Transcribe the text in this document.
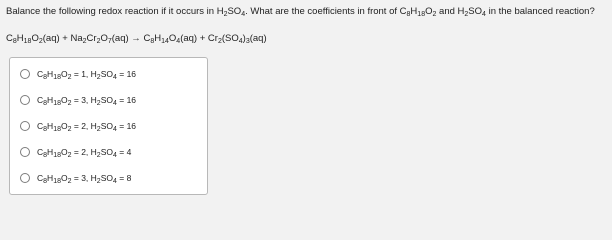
Balance the following redox reaction if it occurs in $H_2SO_4$. What are the coefficients in front of $C_8H_{18}O_2$ and $H_2SO_4$ in the balanced reaction?
$C_8H_{18}O_2(aq) + Na_2Cr_2O_7(aq) \to C_8H_{14}O_4(aq) + Cr_2(SO_4)_3(aq)$
$C_8H_{18}O_2 = 1$, $H_2SO_4 = 16$
$C_8H_{18}O_2 = 3$, $H_2SO_4 = 16$
$C_8H_{18}O_2 = 2$, $H_2SO_4 = 16$
$C_8H_{18}O_2 = 2$, $H_2SO_4 = 4$
$C_8H_{18}O_2 = 3$, $H_2SO_4 = 8$
